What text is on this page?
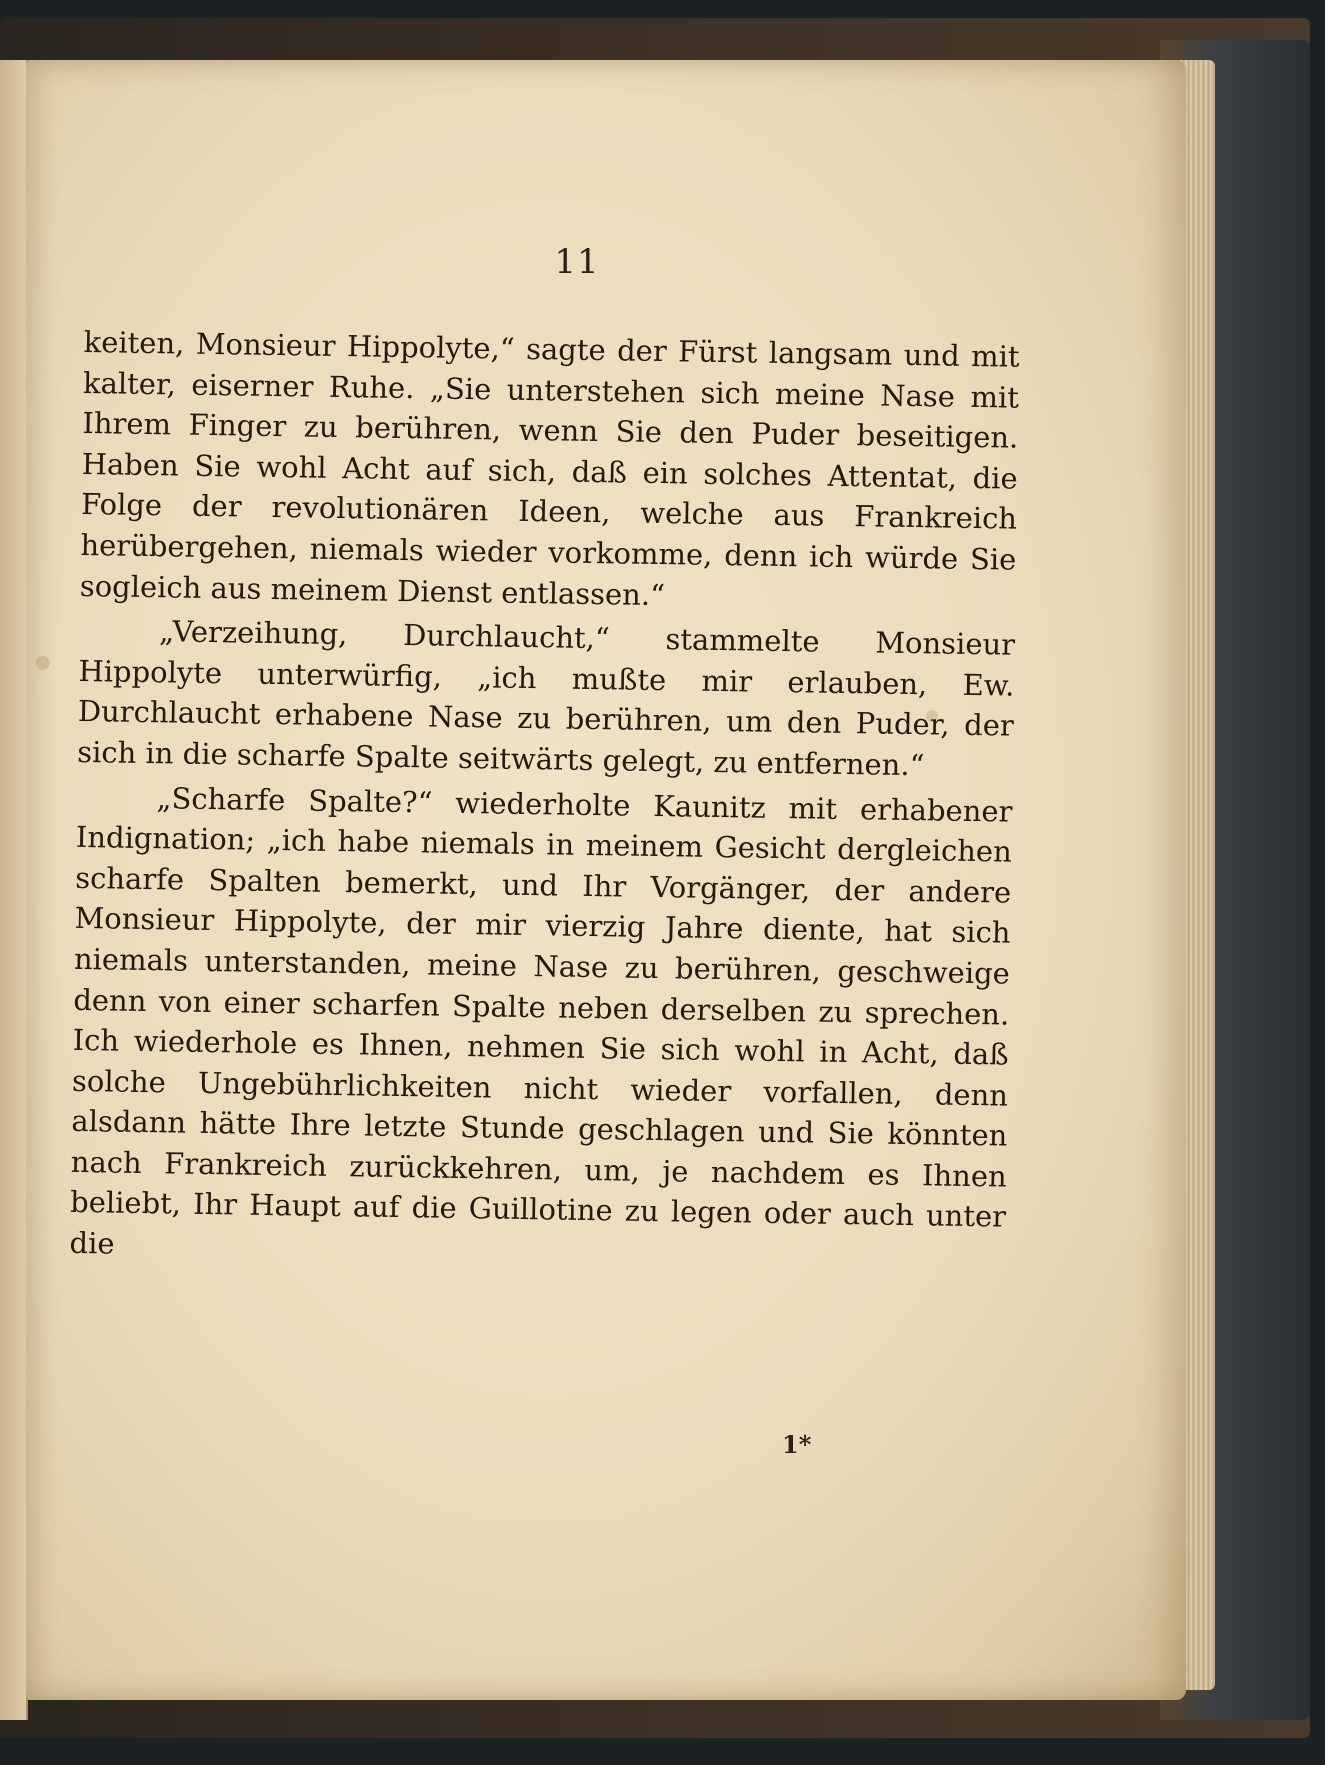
11

keiten, Monsieur Hippolyte,“ sagte der Fürst langsam und mit kalter, eiserner Ruhe. „Sie unterstehen sich meine Nase mit Ihrem Finger zu berühren, wenn Sie den Puder beseitigen. Haben Sie wohl Acht auf sich, daß ein solches Attentat, die Folge der revolutionären Ideen, welche aus Frankreich herübergehen, niemals wieder vorkomme, denn ich würde Sie sogleich aus meinem Dienst entlassen.“

„Verzeihung, Durchlaucht,“ stammelte Monsieur Hippolyte unterwürfig, „ich mußte mir erlauben, Ew. Durchlaucht erhabene Nase zu berühren, um den Puder, der sich in die scharfe Spalte seitwärts gelegt, zu entfernen.“

„Scharfe Spalte?“ wiederholte Kaunitz mit erhabener Indignation; „ich habe niemals in meinem Gesicht dergleichen scharfe Spalten bemerkt, und Ihr Vorgänger, der andere Monsieur Hippolyte, der mir vierzig Jahre diente, hat sich niemals unterstanden, meine Nase zu berühren, geschweige denn von einer scharfen Spalte neben derselben zu sprechen. Ich wiederhole es Ihnen, nehmen Sie sich wohl in Acht, daß solche Ungebührlichkeiten nicht wieder vorfallen, denn alsdann hätte Ihre letzte Stunde geschlagen und Sie könnten nach Frankreich zurückkehren, um, je nachdem es Ihnen beliebt, Ihr Haupt auf die Guillotine zu legen oder auch unter die

1*
